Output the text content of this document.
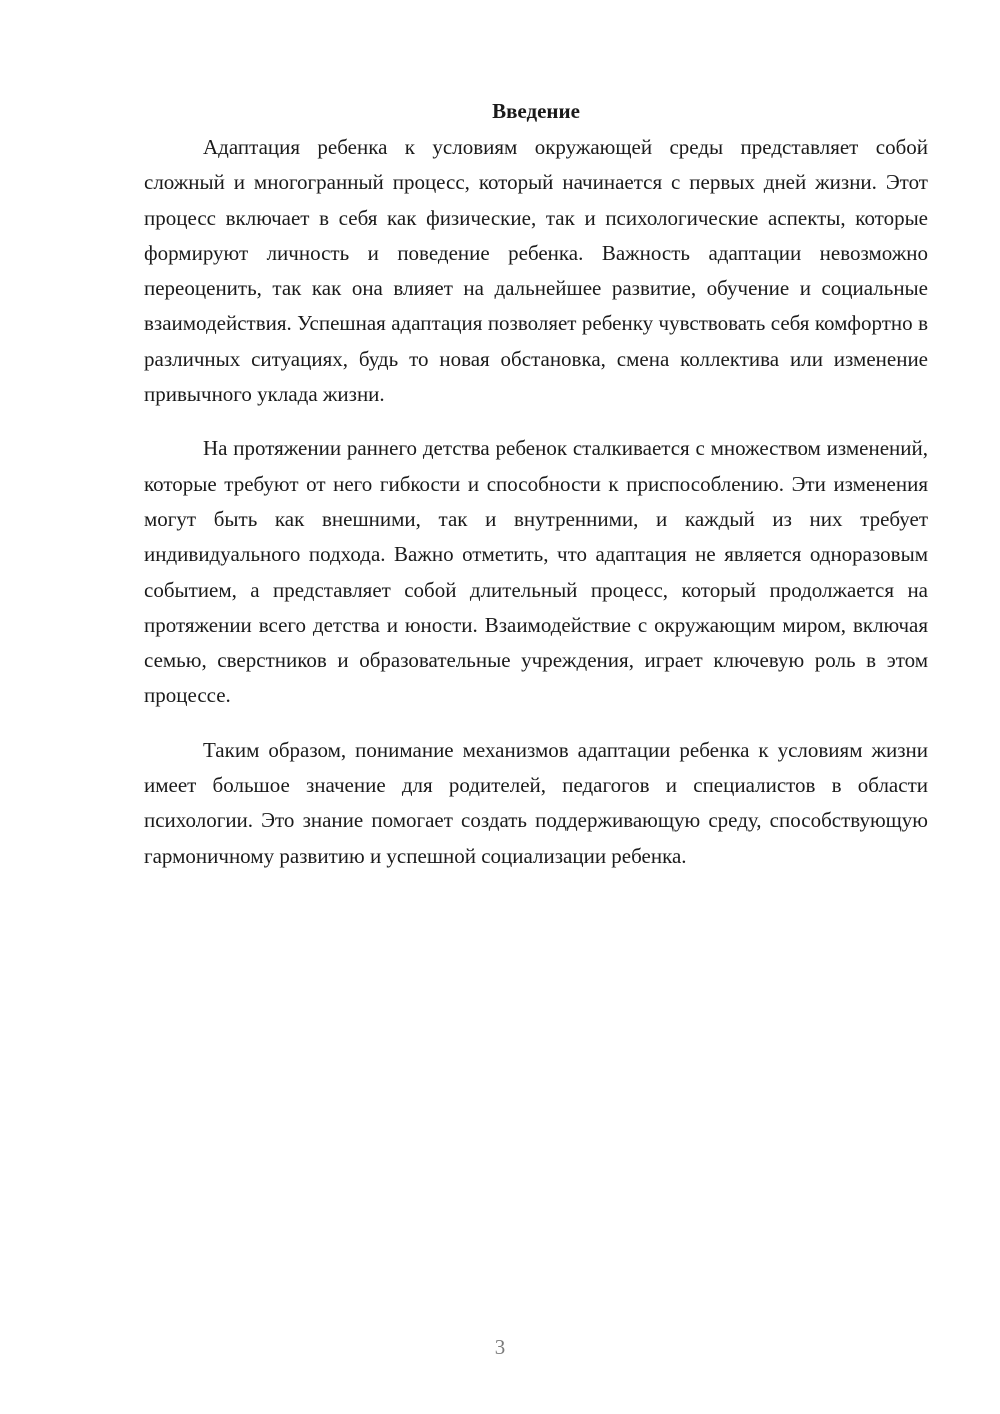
Введение

Адаптация ребенка к условиям окружающей среды представляет собой сложный и многогранный процесс, который начинается с первых дней жизни. Этот процесс включает в себя как физические, так и психологические аспекты, которые формируют личность и поведение ребенка. Важность адаптации невозможно переоценить, так как она влияет на дальнейшее развитие, обучение и социальные взаимодействия. Успешная адаптация позволяет ребенку чувствовать себя комфортно в различных ситуациях, будь то новая обстановка, смена коллектива или изменение привычного уклада жизни.

На протяжении раннего детства ребенок сталкивается с множеством изменений, которые требуют от него гибкости и способности к приспособлению. Эти изменения могут быть как внешними, так и внутренними, и каждый из них требует индивидуального подхода. Важно отметить, что адаптация не является одноразовым событием, а представляет собой длительный процесс, который продолжается на протяжении всего детства и юности. Взаимодействие с окружающим миром, включая семью, сверстников и образовательные учреждения, играет ключевую роль в этом процессе.

Таким образом, понимание механизмов адаптации ребенка к условиям жизни имеет большое значение для родителей, педагогов и специалистов в области психологии. Это знание помогает создать поддерживающую среду, способствующую гармоничному развитию и успешной социализации ребенка.

3
